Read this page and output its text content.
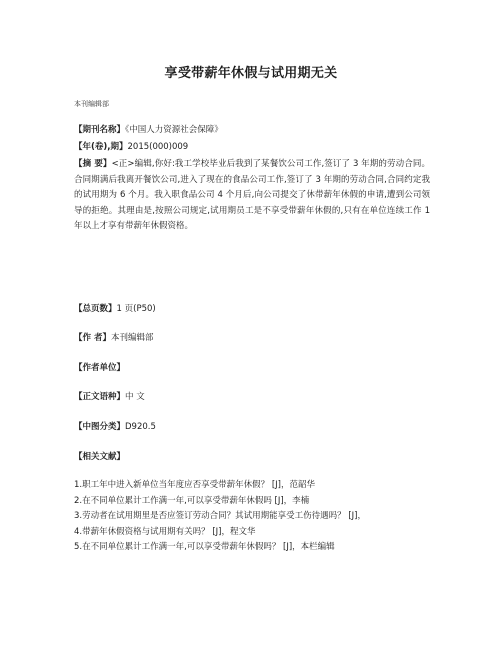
享受带薪年休假与试用期无关
本刊编辑部
【期刊名称】《中国人力资源社会保障》
【年(卷),期】2015(000)009
【摘 要】<正>编辑,你好:我工学校毕业后我到了某餐饮公司工作,签订了 3 年期的劳动合同。合同期满后我离开餐饮公司,进入了现在的食品公司工作,签订了 3 年期的劳动合同,合同约定我的试用期为 6 个月。我入职食品公司 4 个月后,向公司提交了休带薪年休假的申请,遭到公司领导的拒绝。其理由是,按照公司规定,试用期员工是不享受带薪年休假的,只有在单位连续工作 1 年以上才享有带薪年休假资格。
【总页数】1 页(P50)
【作 者】本刊编辑部
【作者单位】
【正文语种】中 文
【中图分类】D920.5
【相关文献】
1.职工年中进入新单位当年度应否享受带薪年休假？ [J]，范韶华
2.在不同单位累计工作满一年,可以享受带薪年休假吗 [J]，李楠
3.劳动者在试用期里是否应签订劳动合同？其试用期能享受工伤待遇吗？ [J]，
4.带薪年休假资格与试用期有关吗？ [J]，程文华
5.在不同单位累计工作满一年,可以享受带薪年休假吗？ [J]，本栏编辑
